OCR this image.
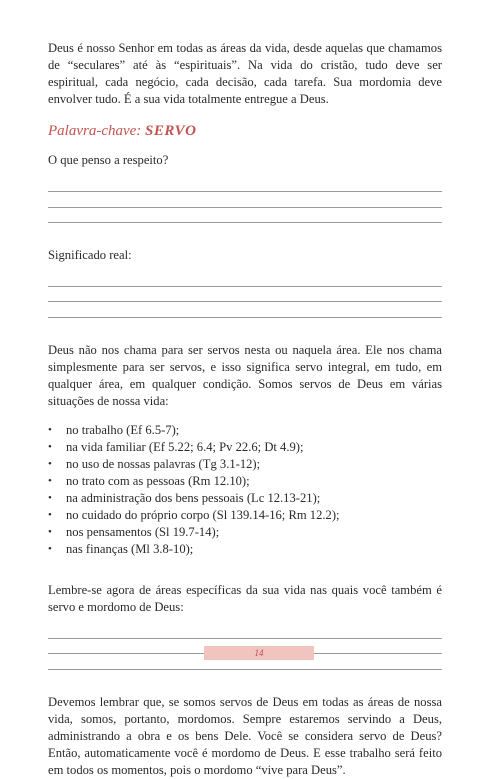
Deus é nosso Senhor em todas as áreas da vida, desde aquelas que chamamos de “seculares” até às “espirituais”. Na vida do cristão, tudo deve ser espiritual, cada negócio, cada decisão, cada tarefa. Sua mordomia deve envolver tudo. É a sua vida totalmente entregue a Deus.

Palavra-chave: SERVO

O que penso a respeito?

Significado real:

Deus não nos chama para ser servos nesta ou naquela área. Ele nos chama simplesmente para ser servos, e isso significa servo integral, em tudo, em qualquer área, em qualquer condição. Somos servos de Deus em várias situações de nossa vida:

• no trabalho (Ef 6.5-7);
• na vida familiar (Ef 5.22; 6.4; Pv 22.6; Dt 4.9);
• no uso de nossas palavras (Tg 3.1-12);
• no trato com as pessoas (Rm 12.10);
• na administração dos bens pessoais (Lc 12.13-21);
• no cuidado do próprio corpo (Sl 139.14-16; Rm 12.2);
• nos pensamentos (Sl 19.7-14);
• nas finanças (Ml 3.8-10);

Lembre-se agora de áreas específicas da sua vida nas quais você também é servo e mordomo de Deus:

Devemos lembrar que, se somos servos de Deus em todas as áreas de nossa vida, somos, portanto, mordomos. Sempre estaremos servindo a Deus, administrando a obra e os bens Dele. Você se considera servo de Deus? Então, automaticamente você é mordomo de Deus. E esse trabalho será feito em todos os momentos, pois o mordomo “vive para Deus”.

14
